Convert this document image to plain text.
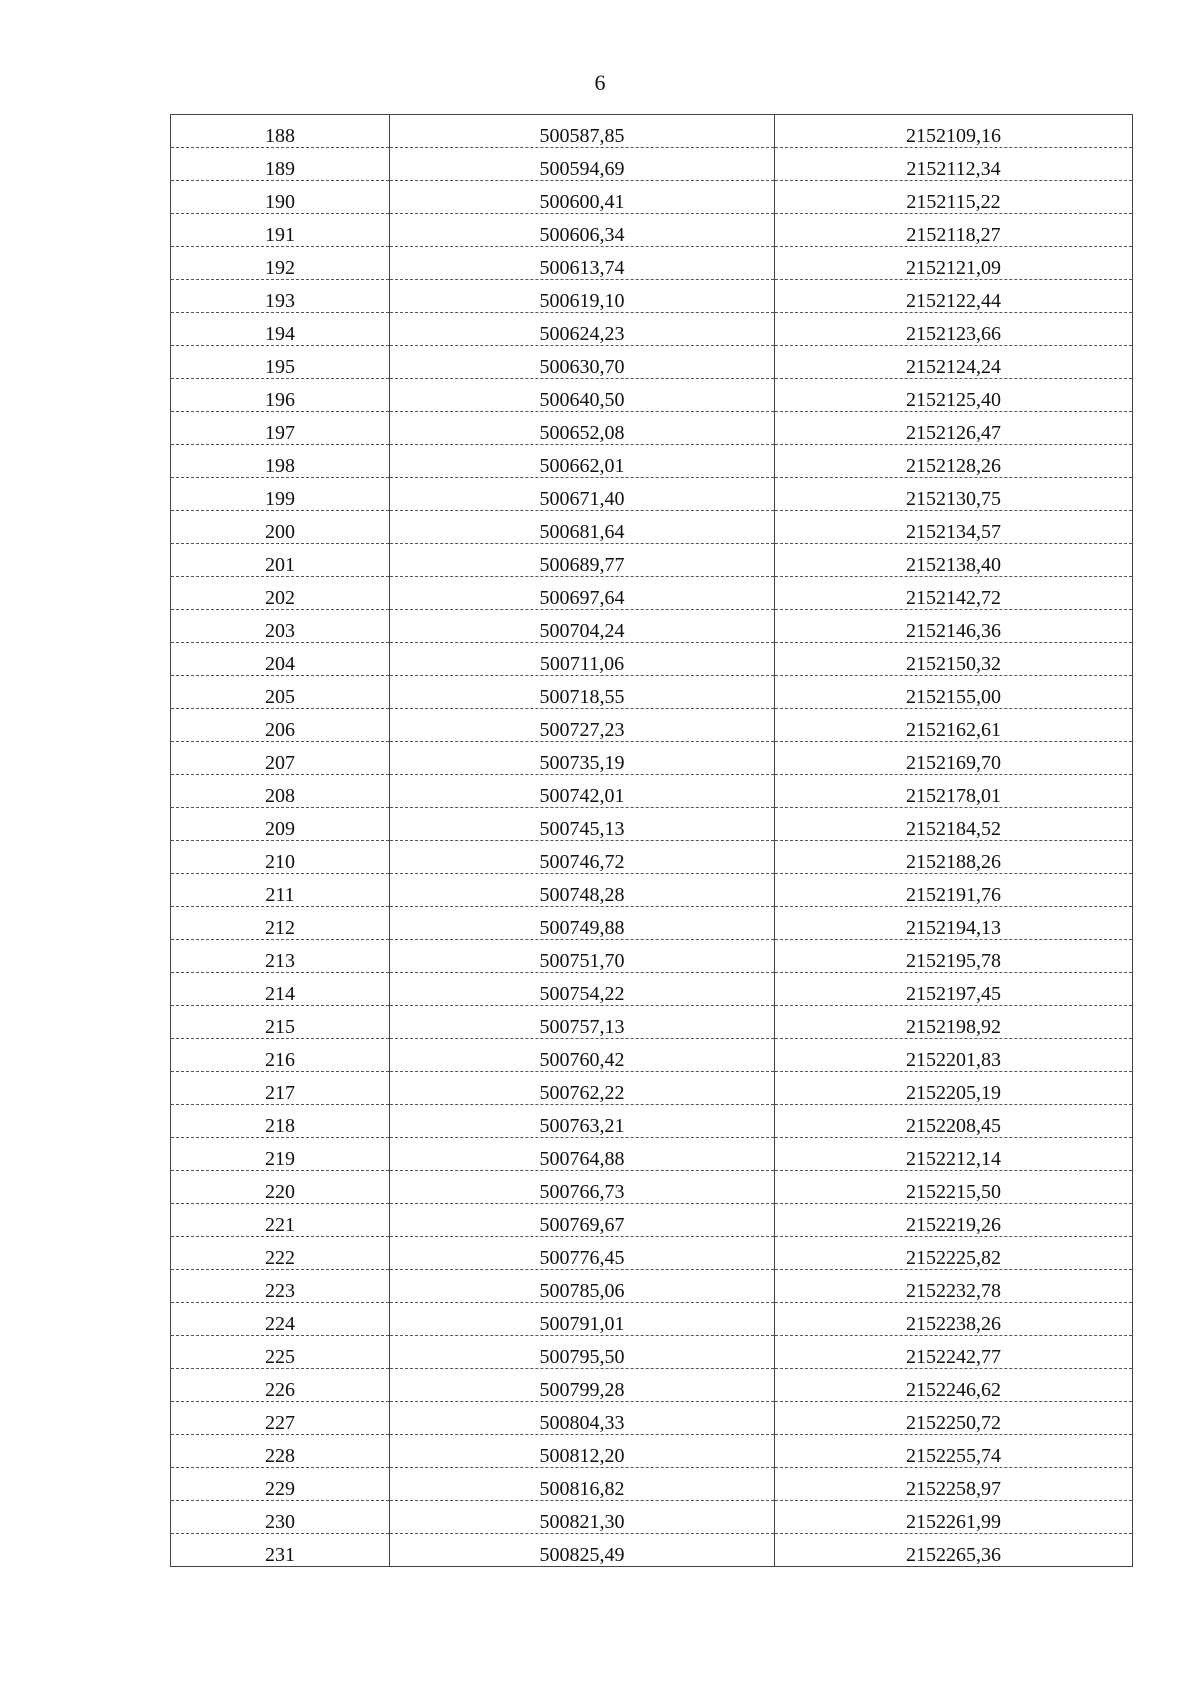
6
188	500587,85	2152109,16
189	500594,69	2152112,34
190	500600,41	2152115,22
191	500606,34	2152118,27
192	500613,74	2152121,09
193	500619,10	2152122,44
194	500624,23	2152123,66
195	500630,70	2152124,24
196	500640,50	2152125,40
197	500652,08	2152126,47
198	500662,01	2152128,26
199	500671,40	2152130,75
200	500681,64	2152134,57
201	500689,77	2152138,40
202	500697,64	2152142,72
203	500704,24	2152146,36
204	500711,06	2152150,32
205	500718,55	2152155,00
206	500727,23	2152162,61
207	500735,19	2152169,70
208	500742,01	2152178,01
209	500745,13	2152184,52
210	500746,72	2152188,26
211	500748,28	2152191,76
212	500749,88	2152194,13
213	500751,70	2152195,78
214	500754,22	2152197,45
215	500757,13	2152198,92
216	500760,42	2152201,83
217	500762,22	2152205,19
218	500763,21	2152208,45
219	500764,88	2152212,14
220	500766,73	2152215,50
221	500769,67	2152219,26
222	500776,45	2152225,82
223	500785,06	2152232,78
224	500791,01	2152238,26
225	500795,50	2152242,77
226	500799,28	2152246,62
227	500804,33	2152250,72
228	500812,20	2152255,74
229	500816,82	2152258,97
230	500821,30	2152261,99
231	500825,49	2152265,36
